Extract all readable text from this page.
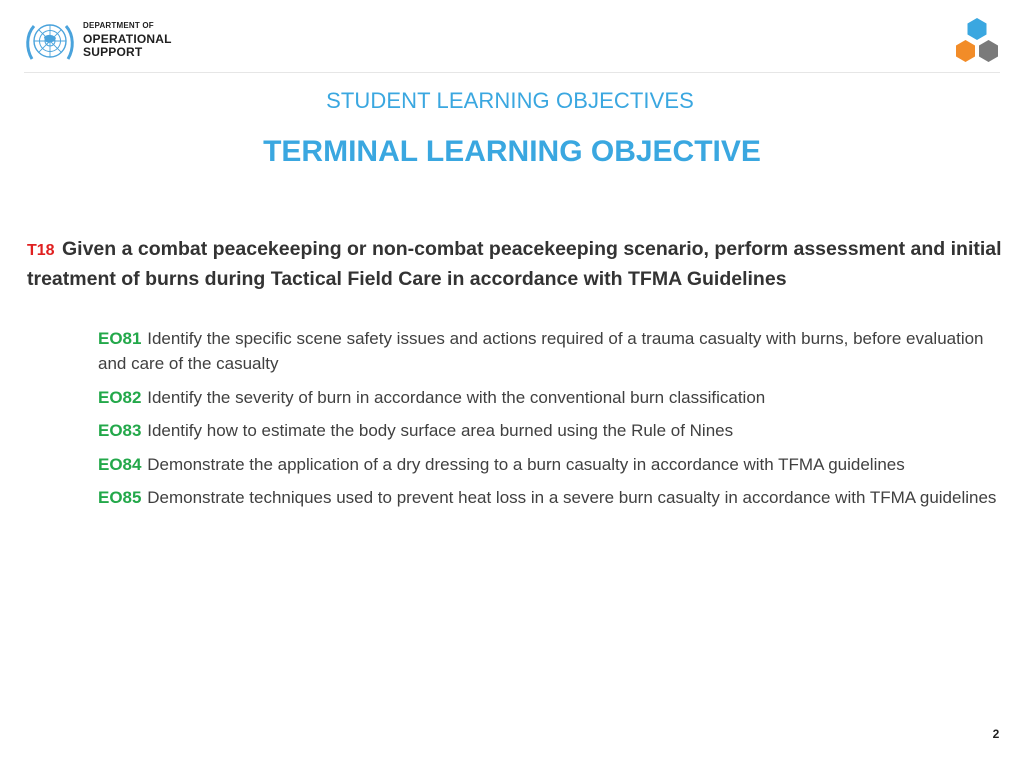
DEPARTMENT OF
OPERATIONAL
SUPPORT
STUDENT LEARNING OBJECTIVES
TERMINAL LEARNING OBJECTIVE
T18 Given a combat peacekeeping or non-combat peacekeeping scenario, perform assessment and initial treatment of burns during Tactical Field Care in accordance with TFMA Guidelines
EO81 Identify the specific scene safety issues and actions required of a trauma casualty with burns, before evaluation and care of the casualty
EO82 Identify the severity of burn in accordance with the conventional burn classification
EO83 Identify how to estimate the body surface area burned using the Rule of Nines
EO84 Demonstrate the application of a dry dressing to a burn casualty in accordance with TFMA guidelines
EO85 Demonstrate techniques used to prevent heat loss in a severe burn casualty in accordance with TFMA guidelines
2
